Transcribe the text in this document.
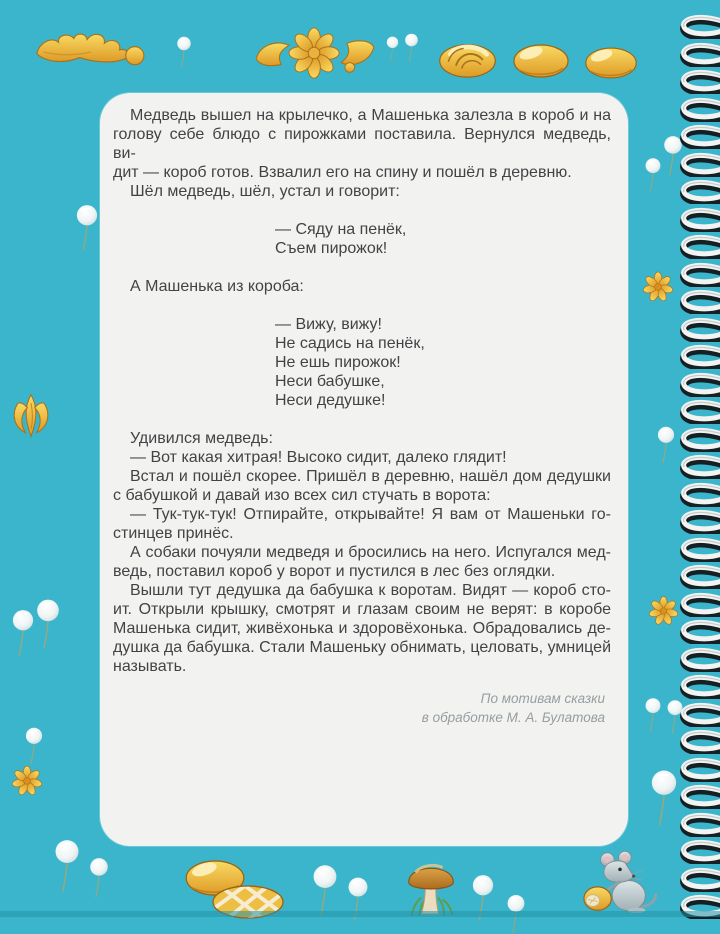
Медведь вышел на крылечко, а Машенька залезла в короб и на
голову себе блюдо с пирожками поставила. Вернулся медведь, ви-
дит — короб готов. Взвалил его на спину и пошёл в деревню.
Шёл медведь, шёл, устал и говорит:
— Сяду на пенёк,
Съем пирожок!
А Машенька из короба:
— Вижу, вижу!
Не садись на пенёк,
Не ешь пирожок!
Неси бабушке,
Неси дедушке!
Удивился медведь:
— Вот какая хитрая! Высоко сидит, далеко глядит!
Встал и пошёл скорее. Пришёл в деревню, нашёл дом дедушки
с бабушкой и давай изо всех сил стучать в ворота:
— Тук-тук-тук! Отпирайте, открывайте! Я вам от Машеньки го-
стинцев принёс.
А собаки почуяли медведя и бросились на него. Испугался мед-
ведь, поставил короб у ворот и пустился в лес без оглядки.
Вышли тут дедушка да бабушка к воротам. Видят — короб сто-
ит. Открыли крышку, смотрят и глазам своим не верят: в коробе
Машенька сидит, живёхонька и здоровёхонька. Обрадовались де-
душка да бабушка. Стали Машеньку обнимать, целовать, умницей
называть.
По мотивам сказки
в обработке М. А. Булатова
